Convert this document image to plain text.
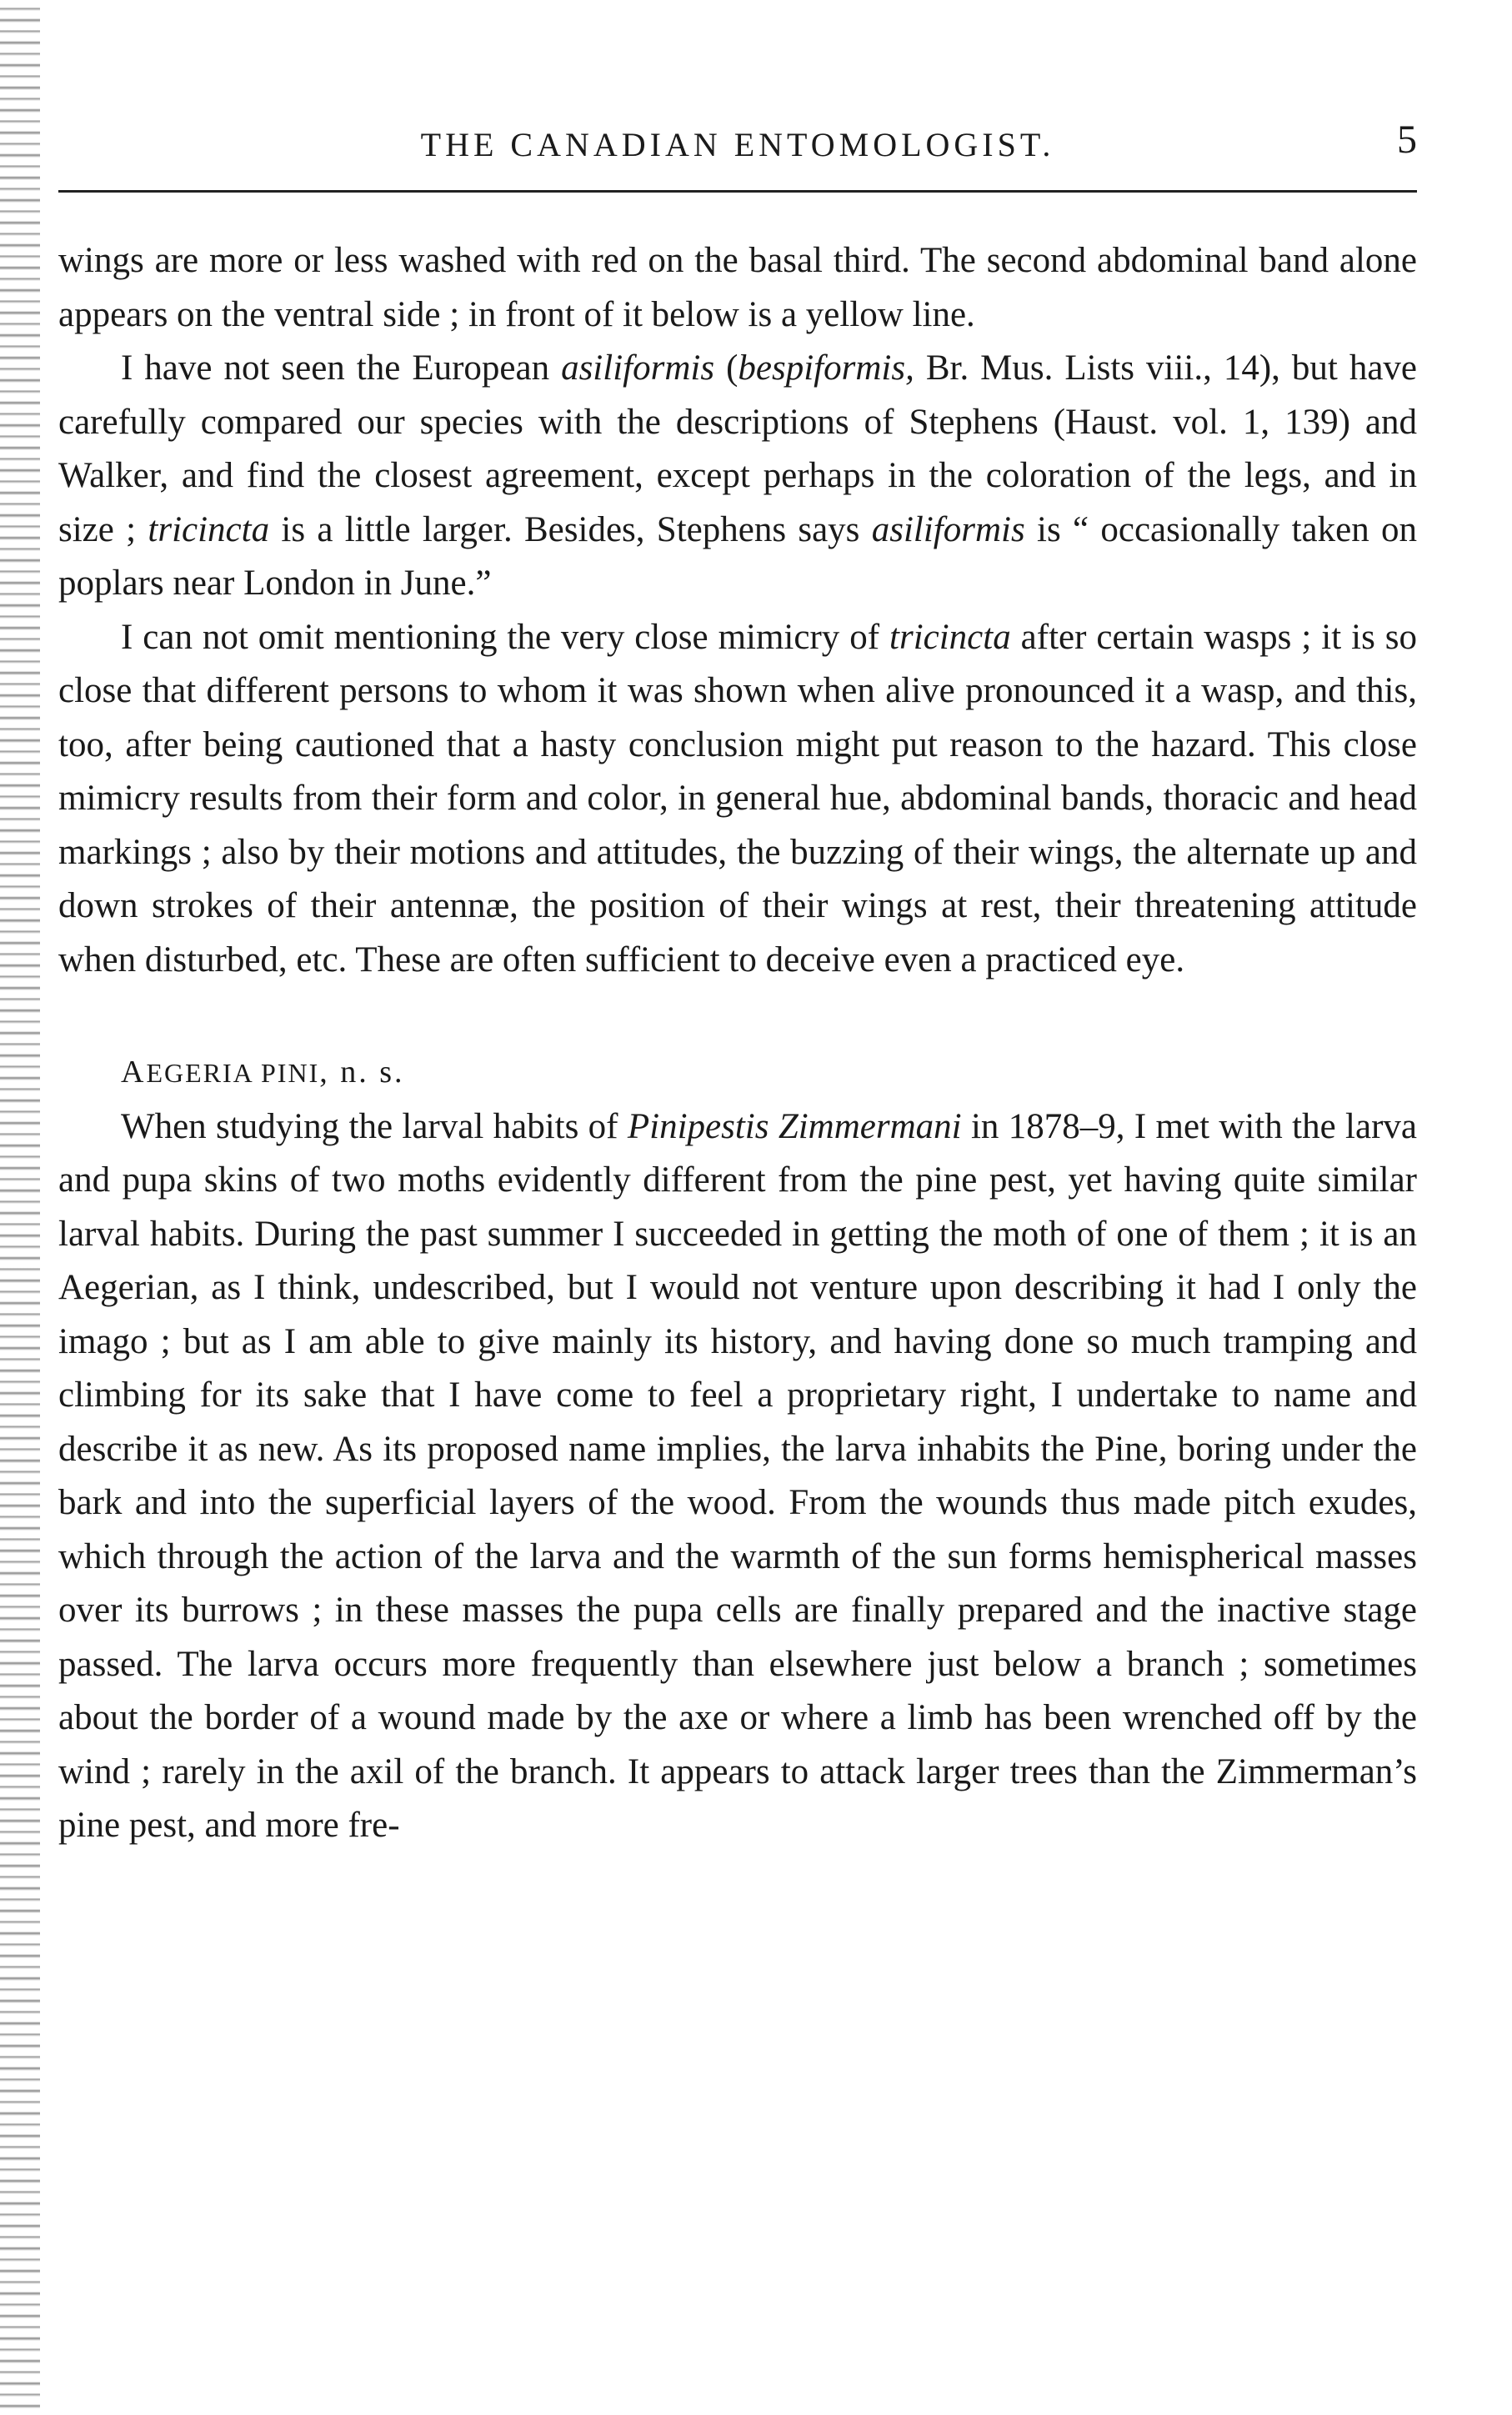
THE CANADIAN ENTOMOLOGIST.	5

wings are more or less washed with red on the basal third. The second abdominal band alone appears on the ventral side ; in front of it below is a yellow line.

I have not seen the European asiliformis (bespiformis, Br. Mus. Lists viii., 14), but have carefully compared our species with the descriptions of Stephens (Haust. vol. 1, 139) and Walker, and find the closest agreement, except perhaps in the coloration of the legs, and in size ; tricincta is a little larger. Besides, Stephens says asiliformis is “ occasionally taken on poplars near London in June.”

I can not omit mentioning the very close mimicry of tricincta after certain wasps ; it is so close that different persons to whom it was shown when alive pronounced it a wasp, and this, too, after being cautioned that a hasty conclusion might put reason to the hazard. This close mimicry results from their form and color, in general hue, abdominal bands, thoracic and head markings ; also by their motions and attitudes, the buzzing of their wings, the alternate up and down strokes of their antennæ, the position of their wings at rest, their threatening attitude when disturbed, etc. These are often sufficient to deceive even a practiced eye.

AEGERIA PINI, n. s.

When studying the larval habits of Pinipestis Zimmermani in 1878–9, I met with the larva and pupa skins of two moths evidently different from the pine pest, yet having quite similar larval habits. During the past summer I succeeded in getting the moth of one of them ; it is an Aegerian, as I think, undescribed, but I would not venture upon describing it had I only the imago ; but as I am able to give mainly its history, and having done so much tramping and climbing for its sake that I have come to feel a proprietary right, I undertake to name and describe it as new. As its proposed name implies, the larva inhabits the Pine, boring under the bark and into the superficial layers of the wood. From the wounds thus made pitch exudes, which through the action of the larva and the warmth of the sun forms hemispherical masses over its burrows ; in these masses the pupa cells are finally prepared and the inactive stage passed. The larva occurs more frequently than elsewhere just below a branch ; sometimes about the border of a wound made by the axe or where a limb has been wrenched off by the wind ; rarely in the axil of the branch. It appears to attack larger trees than the Zimmerman’s pine pest, and more fre-
